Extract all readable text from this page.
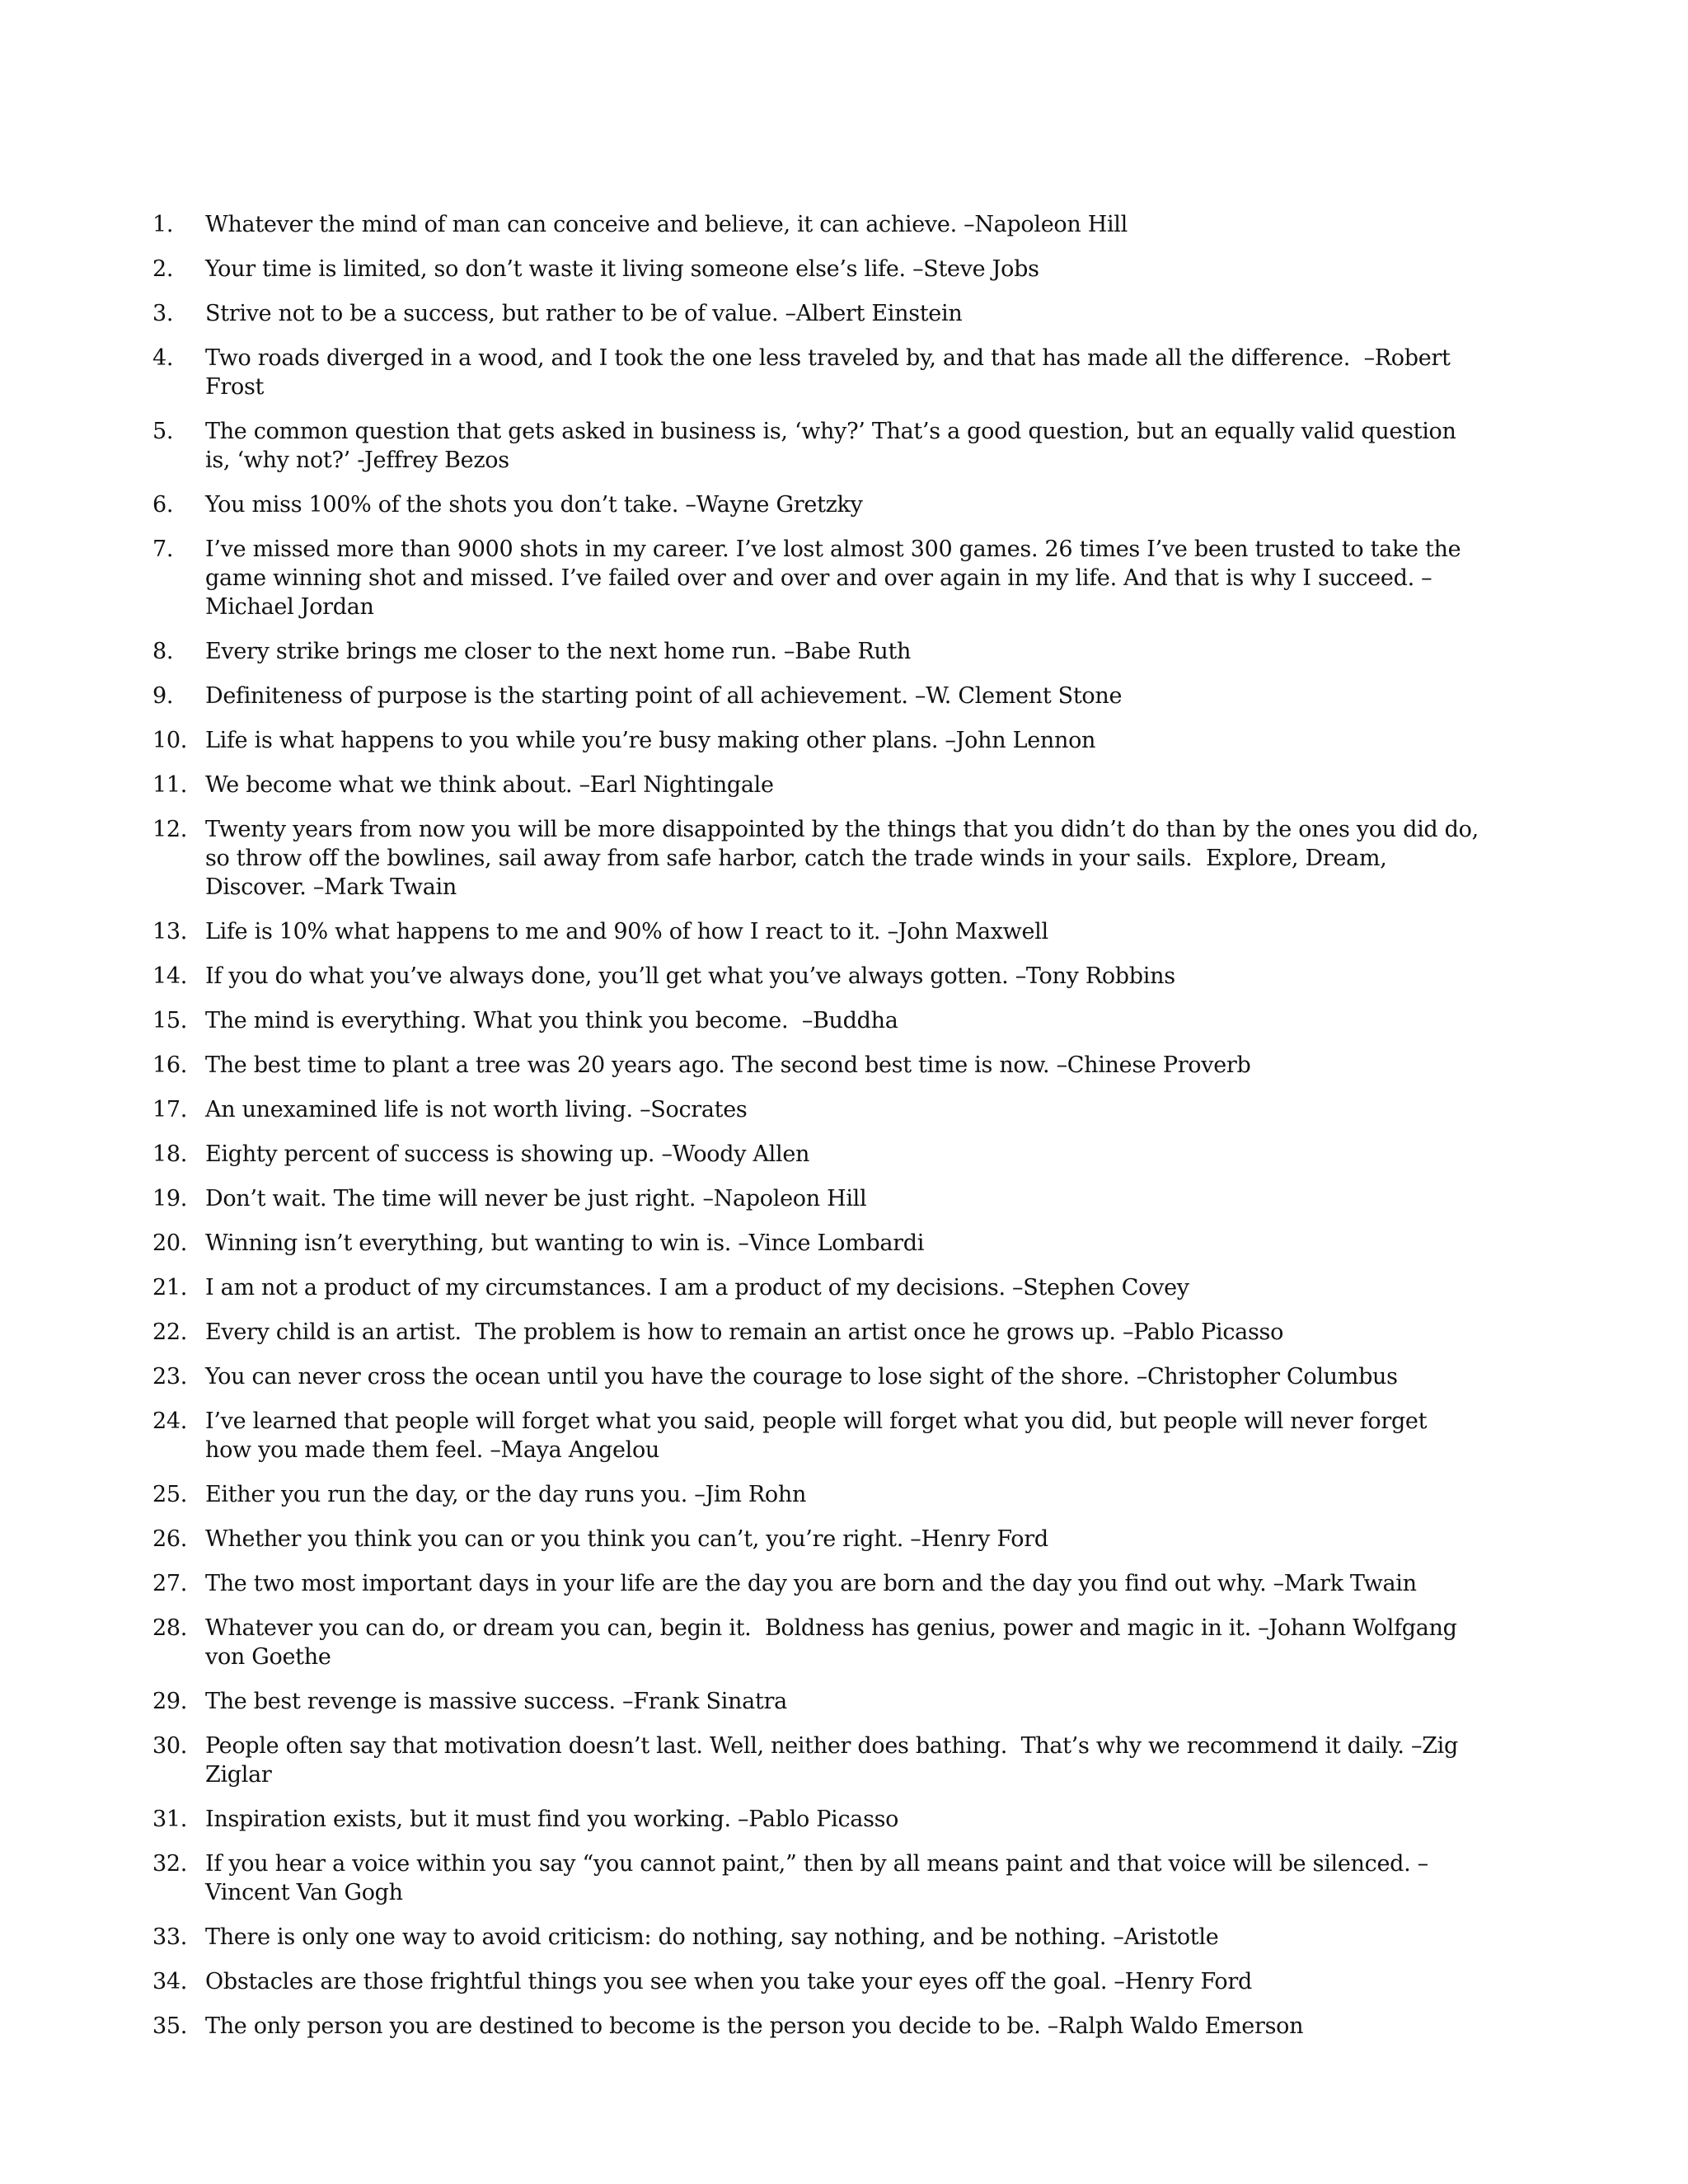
1.	Whatever the mind of man can conceive and believe, it can achieve. –Napoleon Hill
2.	Your time is limited, so don’t waste it living someone else’s life. –Steve Jobs
3.	Strive not to be a success, but rather to be of value. –Albert Einstein
4.	Two roads diverged in a wood, and I took the one less traveled by, and that has made all the difference.  –Robert Frost
5.	The common question that gets asked in business is, ‘why?’ That’s a good question, but an equally valid question is, ‘why not?’ -Jeffrey Bezos
6.	You miss 100% of the shots you don’t take. –Wayne Gretzky
7.	I’ve missed more than 9000 shots in my career. I’ve lost almost 300 games. 26 times I’ve been trusted to take the game winning shot and missed. I’ve failed over and over and over again in my life. And that is why I succeed. –Michael Jordan
8.	Every strike brings me closer to the next home run. –Babe Ruth
9.	Definiteness of purpose is the starting point of all achievement. –W. Clement Stone
10. Life is what happens to you while you’re busy making other plans. –John Lennon
11. We become what we think about. –Earl Nightingale
12. Twenty years from now you will be more disappointed by the things that you didn’t do than by the ones you did do, so throw off the bowlines, sail away from safe harbor, catch the trade winds in your sails.  Explore, Dream, Discover. –Mark Twain
13. Life is 10% what happens to me and 90% of how I react to it. –John Maxwell
14. If you do what you’ve always done, you’ll get what you’ve always gotten. –Tony Robbins
15. The mind is everything. What you think you become.  –Buddha
16. The best time to plant a tree was 20 years ago. The second best time is now. –Chinese Proverb
17. An unexamined life is not worth living. –Socrates
18. Eighty percent of success is showing up. –Woody Allen
19. Don’t wait. The time will never be just right. –Napoleon Hill
20. Winning isn’t everything, but wanting to win is. –Vince Lombardi
21. I am not a product of my circumstances. I am a product of my decisions. –Stephen Covey
22. Every child is an artist.  The problem is how to remain an artist once he grows up. –Pablo Picasso
23. You can never cross the ocean until you have the courage to lose sight of the shore. –Christopher Columbus
24. I’ve learned that people will forget what you said, people will forget what you did, but people will never forget how you made them feel. –Maya Angelou
25. Either you run the day, or the day runs you. –Jim Rohn
26. Whether you think you can or you think you can’t, you’re right. –Henry Ford
27. The two most important days in your life are the day you are born and the day you find out why. –Mark Twain
28. Whatever you can do, or dream you can, begin it.  Boldness has genius, power and magic in it. –Johann Wolfgang von Goethe
29. The best revenge is massive success. –Frank Sinatra
30. People often say that motivation doesn’t last. Well, neither does bathing.  That’s why we recommend it daily. –Zig Ziglar
31. Inspiration exists, but it must find you working. –Pablo Picasso
32. If you hear a voice within you say “you cannot paint,” then by all means paint and that voice will be silenced. –Vincent Van Gogh
33. There is only one way to avoid criticism: do nothing, say nothing, and be nothing. –Aristotle
34. Obstacles are those frightful things you see when you take your eyes off the goal. –Henry Ford
35. The only person you are destined to become is the person you decide to be. –Ralph Waldo Emerson
